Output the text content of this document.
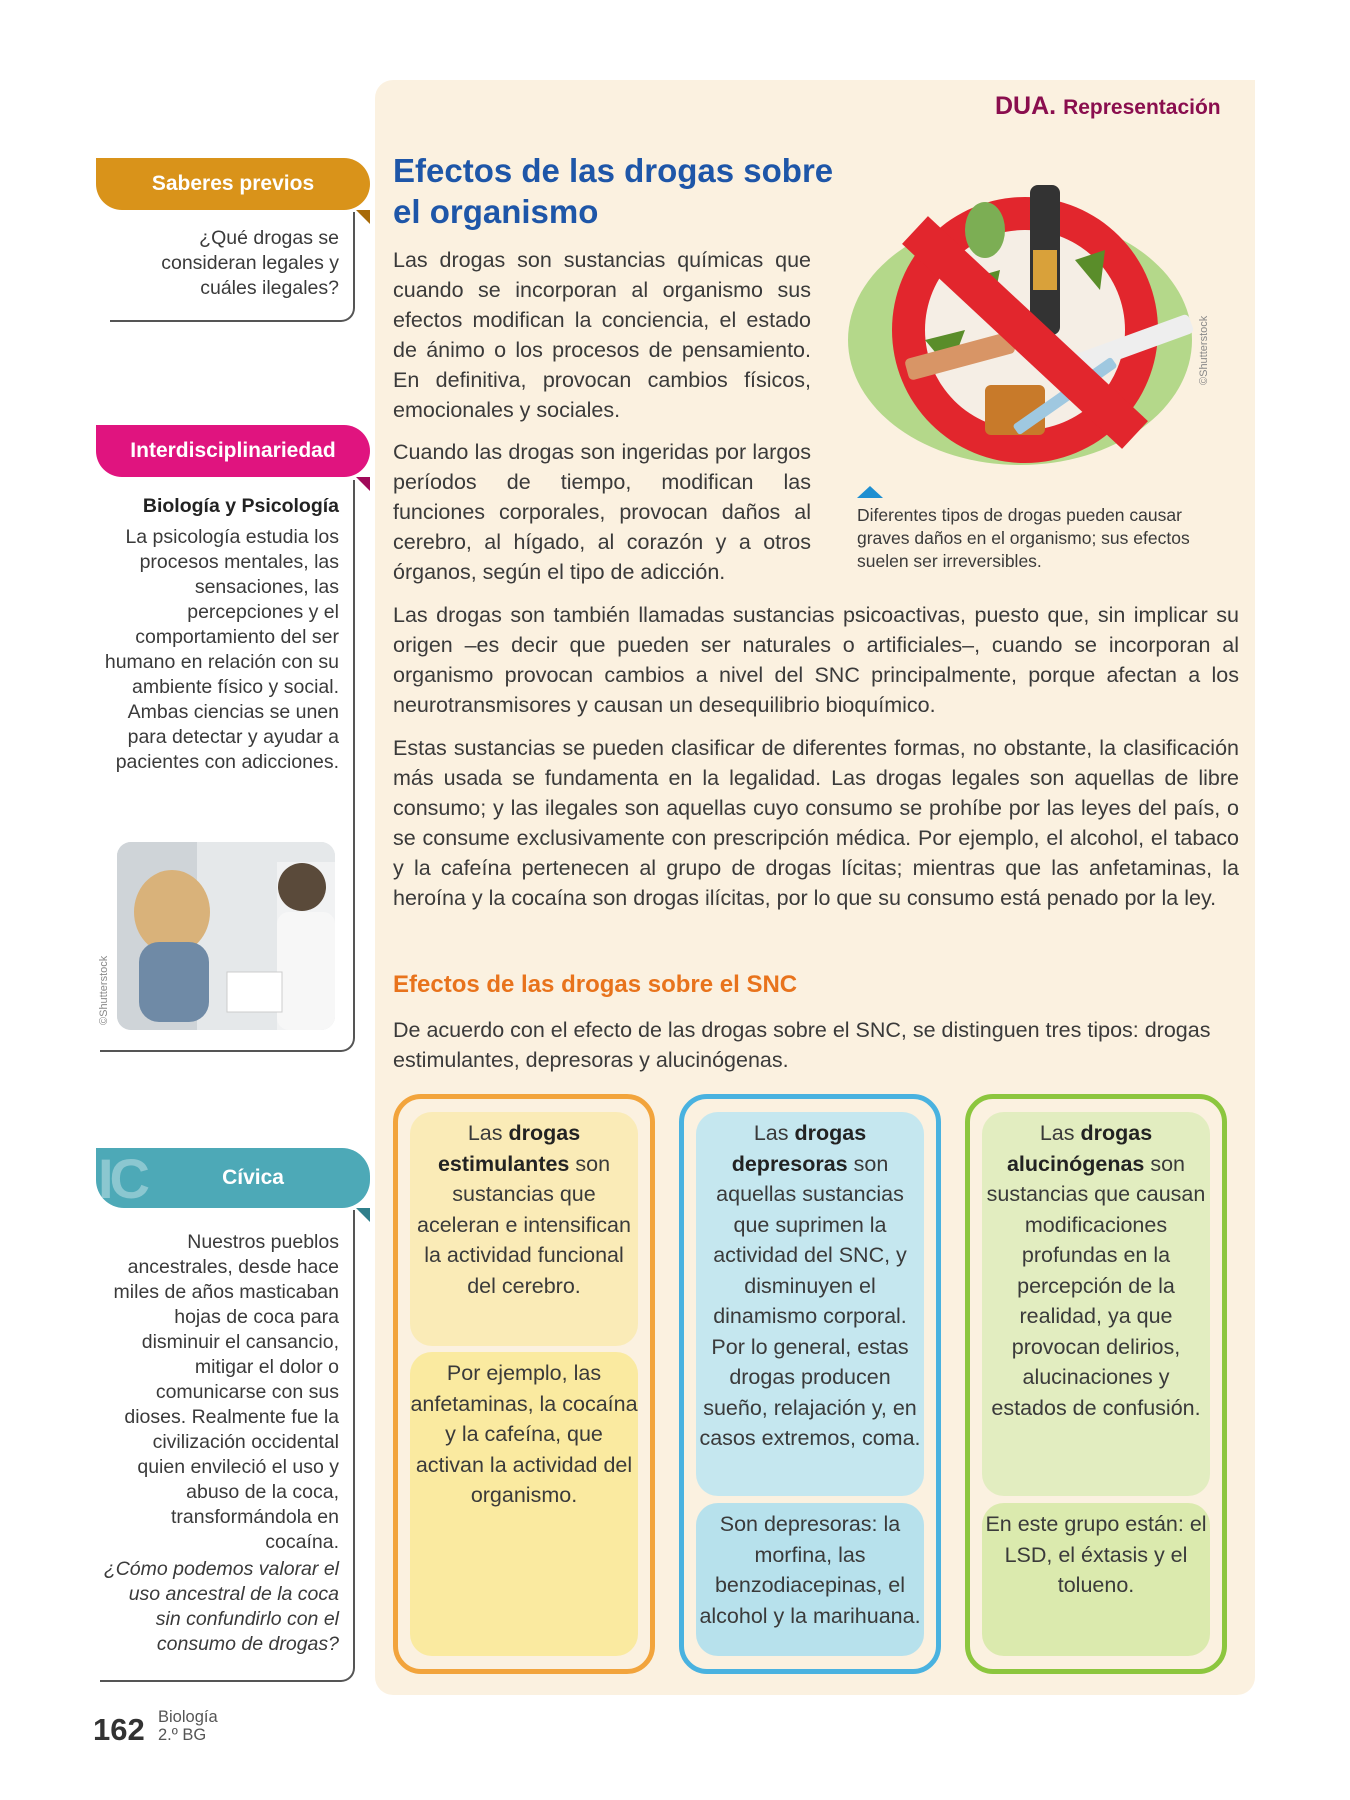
DUA. Representación
Efectos de las drogas sobre
el organismo
Las drogas son sustancias químicas que cuando se incorporan al organismo sus efectos modifican la conciencia, el estado de ánimo o los procesos de pensamiento. En definitiva, provocan cambios físicos, emocionales y sociales.
Cuando las drogas son ingeridas por largos períodos de tiempo, modifican las funciones corporales, provocan daños al cerebro, al hígado, al corazón y a otros órganos, según el tipo de adicción.
©Shutterstock
Diferentes tipos de drogas pueden causar graves daños en el organismo; sus efectos suelen ser irreversibles.
Las drogas son también llamadas sustancias psicoactivas, puesto que, sin implicar su origen –es decir que pueden ser naturales o artificiales–, cuando se incorporan al organismo provocan cambios a nivel del SNC principalmente, porque afectan a los neurotransmisores y causan un desequilibrio bioquímico.
Estas sustancias se pueden clasificar de diferentes formas, no obstante, la clasificación más usada se fundamenta en la legalidad. Las drogas legales son aquellas de libre consumo; y las ilegales son aquellas cuyo consumo se prohíbe por las leyes del país, o se consume exclusivamente con prescripción médica. Por ejemplo, el alcohol, el tabaco y la cafeína pertenecen al grupo de drogas lícitas; mientras que las anfetaminas, la heroína y la cocaína son drogas ilícitas, por lo que su consumo está penado por la ley.
Efectos de las drogas sobre el SNC
De acuerdo con el efecto de las drogas sobre el SNC, se distinguen tres tipos: drogas estimulantes, depresoras y alucinógenas.
Las drogas estimulantes son sustancias que aceleran e intensifican la actividad funcional del cerebro.
Por ejemplo, las anfetaminas, la cocaína y la cafeína, que activan la actividad del organismo.
Las drogas depresoras son aquellas sustancias que suprimen la actividad del SNC, y disminuyen el dinamismo corporal. Por lo general, estas drogas producen sueño, relajación y, en casos extremos, coma.
Son depresoras: la morfina, las benzodiacepinas, el alcohol y la marihuana.
Las drogas alucinógenas son sustancias que causan modificaciones profundas en la percepción de la realidad, ya que provocan delirios, alucinaciones y estados de confusión.
En este grupo están: el LSD, el éxtasis y el tolueno.
Saberes previos
¿Qué drogas se consideran legales y cuáles ilegales?
Interdisciplinariedad
Biología y Psicología
La psicología estudia los procesos mentales, las sensaciones, las percepciones y el comportamiento del ser humano en relación con su ambiente físico y social. Ambas ciencias se unen para detectar y ayudar a pacientes con adicciones.
©Shutterstock
IC	Cívica
Nuestros pueblos ancestrales, desde hace miles de años masticaban hojas de coca para disminuir el cansancio, mitigar el dolor o comunicarse con sus dioses. Realmente fue la civilización occidental quien envileció el uso y abuso de la coca, transformándola en cocaína.
¿Cómo podemos valorar el uso ancestral de la coca sin confundirlo con el consumo de drogas?
162 Biología
2.º BG
